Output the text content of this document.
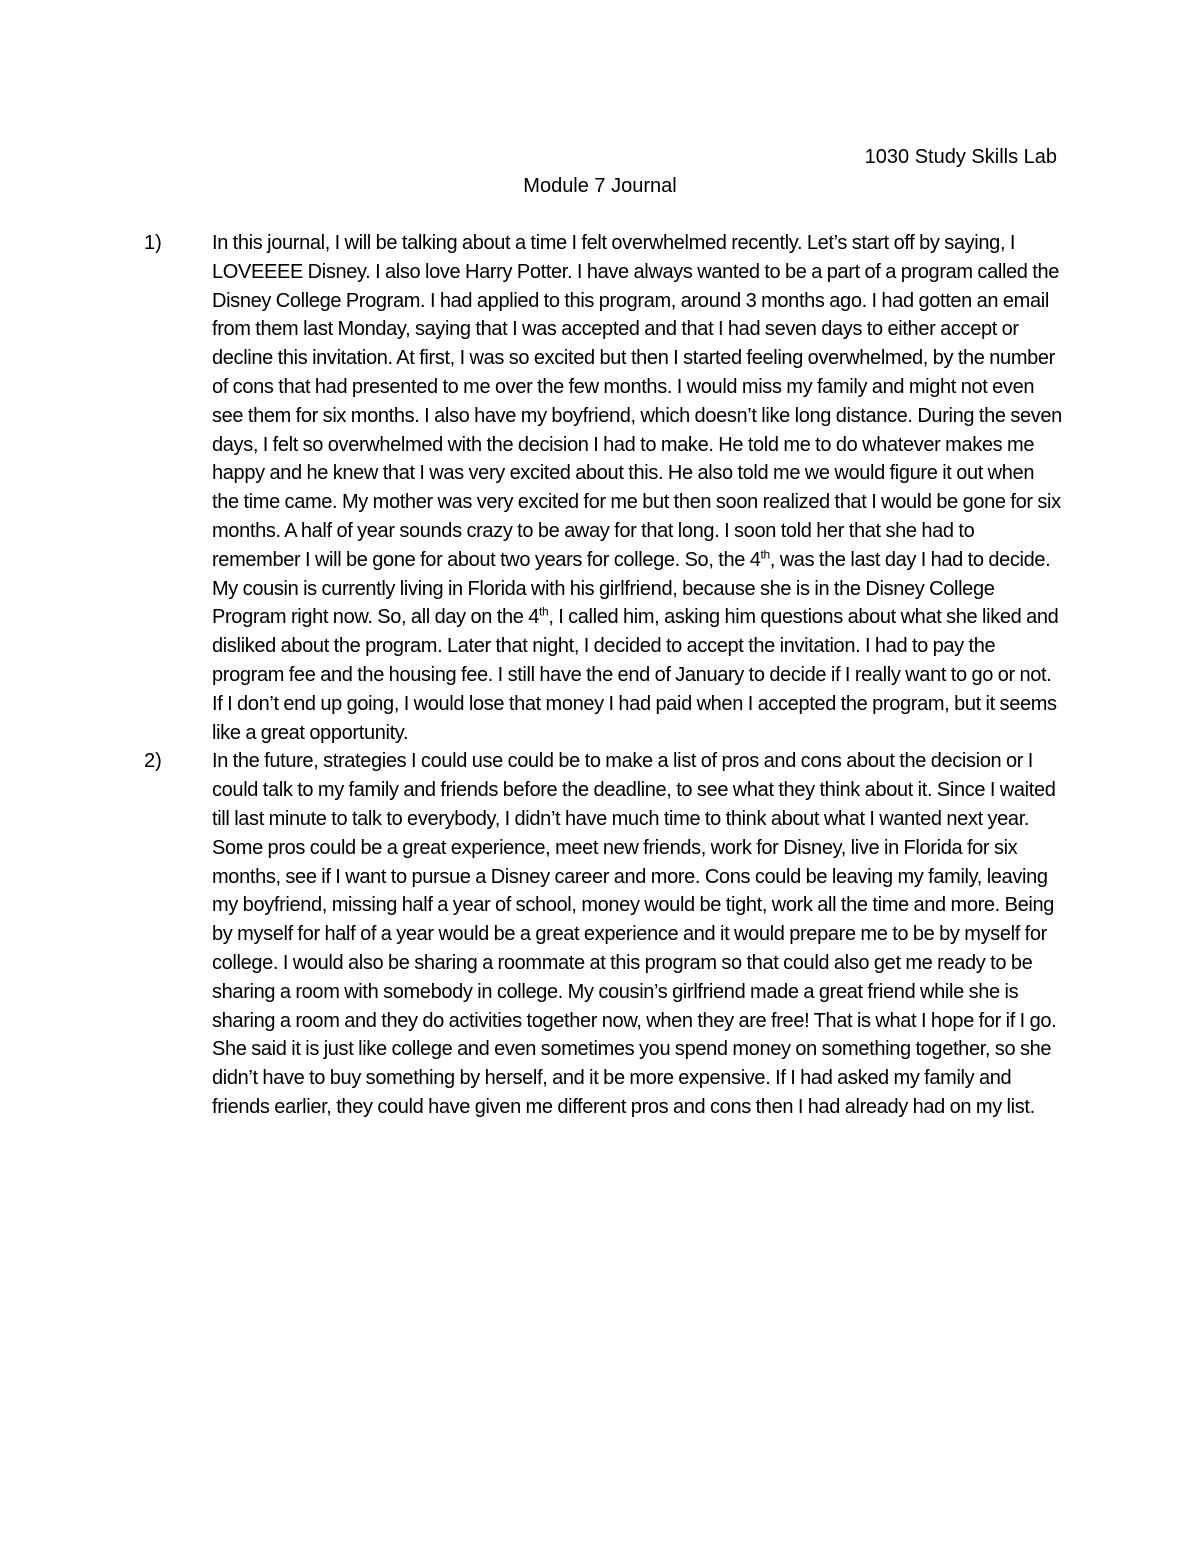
1030 Study Skills Lab
Module 7 Journal
1)	In this journal, I will be talking about a time I felt overwhelmed recently. Let’s start off by saying, I LOVEEEE Disney. I also love Harry Potter. I have always wanted to be a part of a program called the Disney College Program. I had applied to this program, around 3 months ago. I had gotten an email from them last Monday, saying that I was accepted and that I had seven days to either accept or decline this invitation. At first, I was so excited but then I started feeling overwhelmed, by the number of cons that had presented to me over the few months. I would miss my family and might not even see them for six months. I also have my boyfriend, which doesn’t like long distance. During the seven days, I felt so overwhelmed with the decision I had to make. He told me to do whatever makes me happy and he knew that I was very excited about this. He also told me we would figure it out when the time came. My mother was very excited for me but then soon realized that I would be gone for six months. A half of year sounds crazy to be away for that long. I soon told her that she had to remember I will be gone for about two years for college. So, the 4th, was the last day I had to decide. My cousin is currently living in Florida with his girlfriend, because she is in the Disney College Program right now. So, all day on the 4th, I called him, asking him questions about what she liked and disliked about the program. Later that night, I decided to accept the invitation. I had to pay the program fee and the housing fee. I still have the end of January to decide if I really want to go or not. If I don’t end up going, I would lose that money I had paid when I accepted the program, but it seems like a great opportunity.
2)	In the future, strategies I could use could be to make a list of pros and cons about the decision or I could talk to my family and friends before the deadline, to see what they think about it. Since I waited till last minute to talk to everybody, I didn’t have much time to think about what I wanted next year. Some pros could be a great experience, meet new friends, work for Disney, live in Florida for six months, see if I want to pursue a Disney career and more. Cons could be leaving my family, leaving my boyfriend, missing half a year of school, money would be tight, work all the time and more. Being by myself for half of a year would be a great experience and it would prepare me to be by myself for college. I would also be sharing a roommate at this program so that could also get me ready to be sharing a room with somebody in college. My cousin’s girlfriend made a great friend while she is sharing a room and they do activities together now, when they are free! That is what I hope for if I go. She said it is just like college and even sometimes you spend money on something together, so she didn’t have to buy something by herself, and it be more expensive. If I had asked my family and friends earlier, they could have given me different pros and cons then I had already had on my list.
